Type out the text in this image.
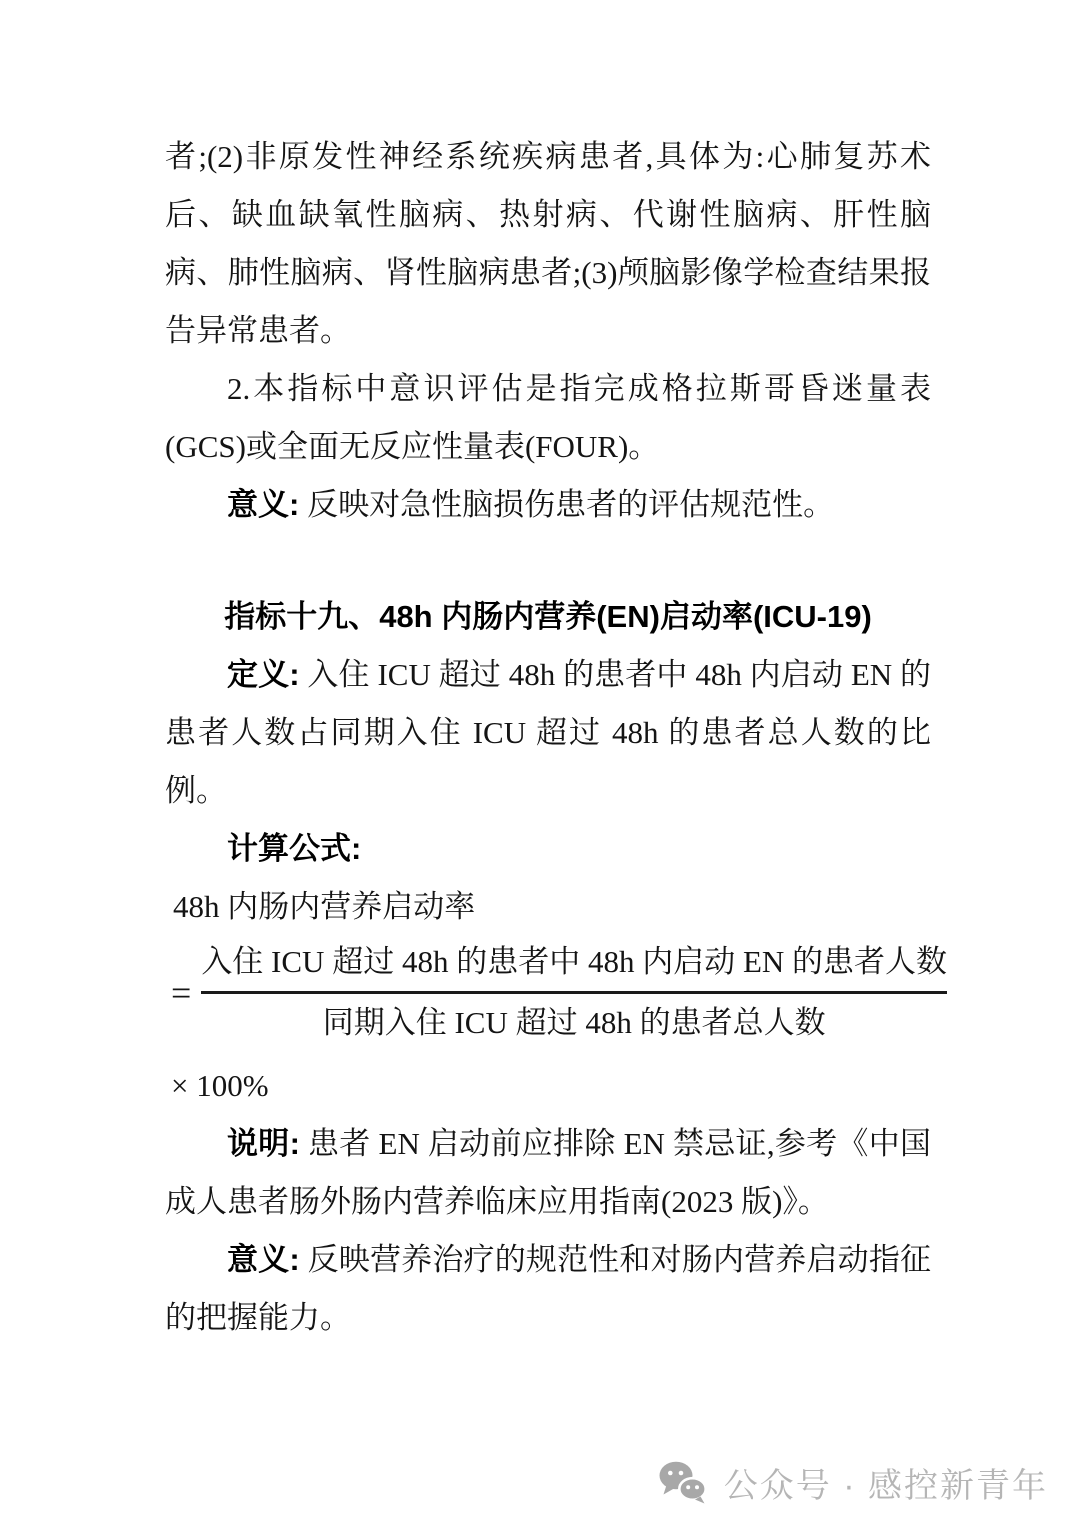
者;(2)非原发性神经系统疾病患者,具体为:心肺复苏术后、缺血缺氧性脑病、热射病、代谢性脑病、肝性脑病、肺性脑病、肾性脑病患者;(3)颅脑影像学检查结果报告异常患者。

2.本指标中意识评估是指完成格拉斯哥昏迷量表(GCS)或全面无反应性量表(FOUR)。

意义: 反映对急性脑损伤患者的评估规范性。

指标十九、48h 内肠内营养(EN)启动率(ICU-19)

定义: 入住 ICU 超过 48h 的患者中 48h 内启动 EN 的患者人数占同期入住 ICU 超过 48h 的患者总人数的比例。

计算公式:

48h 内肠内营养启动率

= $\frac{\text{入住 ICU 超过 48h 的患者中 48h 内启动 EN 的患者人数}}{\text{同期入住 ICU 超过 48h 的患者总人数}}$

× 100%

说明: 患者 EN 启动前应排除 EN 禁忌证,参考《中国成人患者肠外肠内营养临床应用指南(2023 版)》。

意义: 反映营养治疗的规范性和对肠内营养启动指征的把握能力。

公众号 · 感控新青年
